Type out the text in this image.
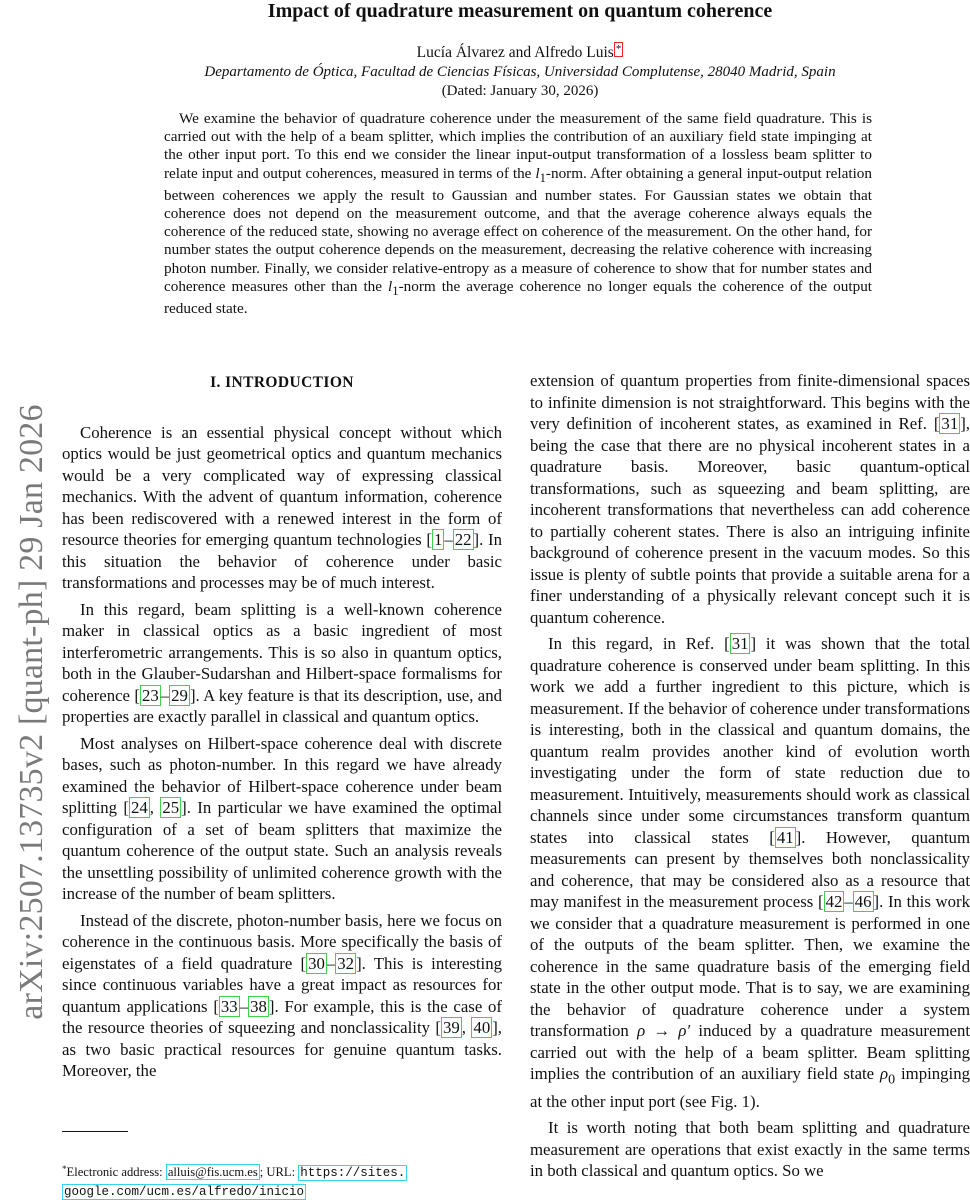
arXiv:2507.13735v2 [quant-ph] 29 Jan 2026
Impact of quadrature measurement on quantum coherence
Lucía Álvarez and Alfredo Luis *
Departamento de Óptica, Facultad de Ciencias Físicas, Universidad Complutense, 28040 Madrid, Spain
(Dated: January 30, 2026)

We examine the behavior of quadrature coherence under the measurement of the same field quadrature. This is carried out with the help of a beam splitter, which implies the contribution of an auxiliary field state impinging at the other input port. To this end we consider the linear input-output transformation of a lossless beam splitter to relate input and output coherences, measured in terms of the $l_1$-norm. After obtaining a general input-output relation between coherences we apply the result to Gaussian and number states. For Gaussian states we obtain that coherence does not depend on the measurement outcome, and that the average coherence always equals the coherence of the reduced state, showing no average effect on coherence of the measurement. On the other hand, for number states the output coherence depends on the measurement, decreasing the relative coherence with increasing photon number. Finally, we consider relative-entropy as a measure of coherence to show that for number states and coherence measures other than the $l_1$-norm the average coherence no longer equals the coherence of the output reduced state.

I. INTRODUCTION

Coherence is an essential physical concept without which optics would be just geometrical optics and quantum mechanics would be a very complicated way of expressing classical mechanics. With the advent of quantum information, coherence has been rediscovered with a renewed interest in the form of resource theories for emerging quantum technologies [ 1 – 22 ]. In this situation the behavior of coherence under basic transformations and processes may be of much interest.

In this regard, beam splitting is a well-known coherence maker in classical optics as a basic ingredient of most interferometric arrangements. This is so also in quantum optics, both in the Glauber-Sudarshan and Hilbert-space formalisms for coherence [ 23 – 29 ]. A key feature is that its description, use, and properties are exactly parallel in classical and quantum optics.

Most analyses on Hilbert-space coherence deal with discrete bases, such as photon-number. In this regard we have already examined the behavior of Hilbert-space coherence under beam splitting [ 24 , 25 ]. In particular we have examined the optimal configuration of a set of beam splitters that maximize the quantum coherence of the output state. Such an analysis reveals the unsettling possibility of unlimited coherence growth with the increase of the number of beam splitters.

Instead of the discrete, photon-number basis, here we focus on coherence in the continuous basis. More specifically the basis of eigenstates of a field quadrature [ 30 – 32 ]. This is interesting since continuous variables have a great impact as resources for quantum applications [ 33 – 38 ]. For example, this is the case of the resource theories of squeezing and nonclassicality [ 39 , 40 ], as two basic practical resources for genuine quantum tasks. Moreover, the

extension of quantum properties from finite-dimensional spaces to infinite dimension is not straightforward. This begins with the very definition of incoherent states, as examined in Ref. [ 31 ], being the case that there are no physical incoherent states in a quadrature basis. Moreover, basic quantum-optical transformations, such as squeezing and beam splitting, are incoherent transformations that nevertheless can add coherence to partially coherent states. There is also an intriguing infinite background of coherence present in the vacuum modes. So this issue is plenty of subtle points that provide a suitable arena for a finer understanding of a physically relevant concept such it is quantum coherence.

In this regard, in Ref. [ 31 ] it was shown that the total quadrature coherence is conserved under beam splitting. In this work we add a further ingredient to this picture, which is measurement. If the behavior of coherence under transformations is interesting, both in the classical and quantum domains, the quantum realm provides another kind of evolution worth investigating under the form of state reduction due to measurement. Intuitively, measurements should work as classical channels since under some circumstances transform quantum states into classical states [ 41 ]. However, quantum measurements can present by themselves both nonclassicality and coherence, that may be considered also as a resource that may manifest in the measurement process [ 42 – 46 ]. In this work we consider that a quadrature measurement is performed in one of the outputs of the beam splitter. Then, we examine the coherence in the same quadrature basis of the emerging field state in the other output mode. That is to say, we are examining the behavior of quadrature coherence under a system transformation ρ → ρ′ induced by a quadrature measurement carried out with the help of a beam splitter. Beam splitting implies the contribution of an auxiliary field state $\rho_0$ impinging at the other input port (see Fig. 1).

It is worth noting that both beam splitting and quadrature measurement are operations that exist exactly in the same terms in both classical and quantum optics. So we

*Electronic address: alluis@fis.ucm.es ; URL: https://sites.
google.com/ucm.es/alfredo/inicio
